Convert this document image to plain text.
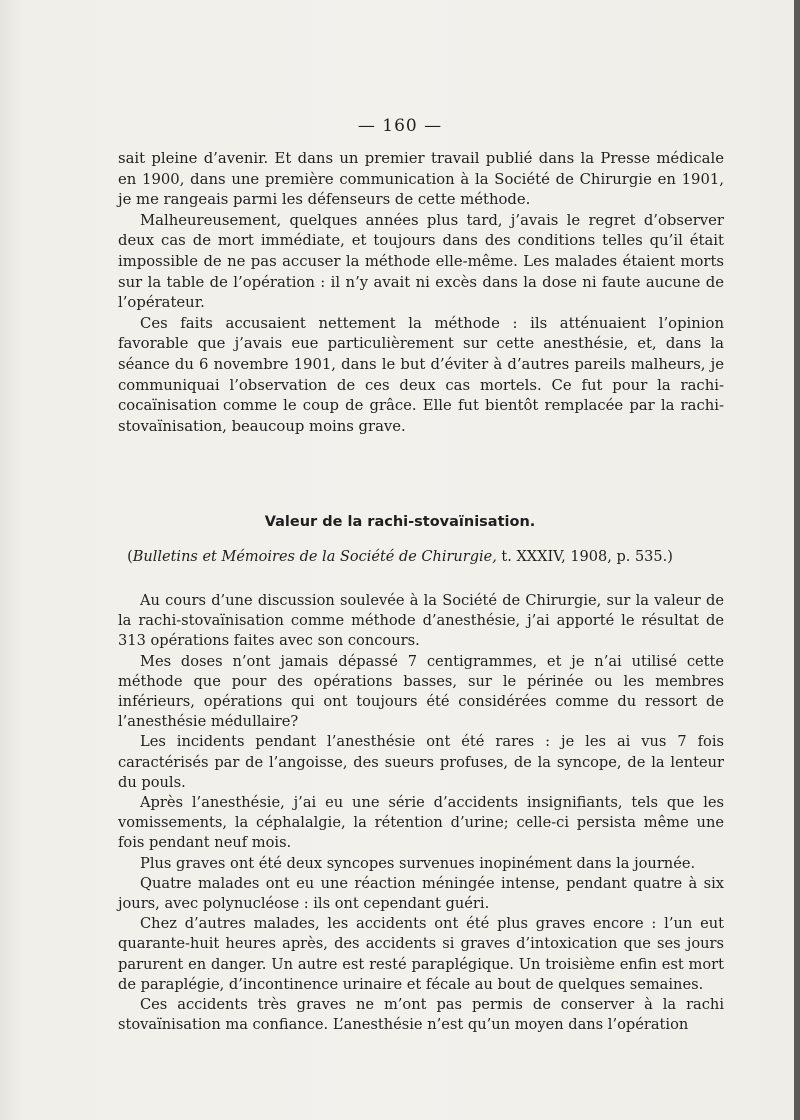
— 160 —

sait pleine d’avenir. Et dans un premier travail publié dans la Presse médicale en 1900, dans une première communication à la Société de Chirurgie en 1901, je me rangeais parmi les défenseurs de cette méthode.

Malheureusement, quelques années plus tard, j’avais le regret d’observer deux cas de mort immédiate, et toujours dans des conditions telles qu’il était impossible de ne pas accuser la méthode elle-même. Les malades étaient morts sur la table de l’opération : il n’y avait ni excès dans la dose ni faute aucune de l’opérateur.

Ces faits accusaient nettement la méthode : ils atténuaient l’opinion favorable que j’avais eue particulièrement sur cette anesthésie, et, dans la séance du 6 novembre 1901, dans le but d’éviter à d’autres pareils malheurs, je communiquai l’observation de ces deux cas mortels. Ce fut pour la rachi-cocaïnisation comme le coup de grâce. Elle fut bientôt remplacée par la rachi-stovaïnisation, beaucoup moins grave.

Valeur de la rachi-stovaïnisation.
(Bulletins et Mémoires de la Société de Chirurgie, t. XXXIV, 1908, p. 535.)

Au cours d’une discussion soulevée à la Société de Chirurgie, sur la valeur de la rachi-stovaïnisation comme méthode d’anesthésie, j’ai apporté le résultat de 313 opérations faites avec son concours.

Mes doses n’ont jamais dépassé 7 centigrammes, et je n’ai utilisé cette méthode que pour des opérations basses, sur le périnée ou les membres inférieurs, opérations qui ont toujours été considérées comme du ressort de l’anesthésie médullaire?

Les incidents pendant l’anesthésie ont été rares : je les ai vus 7 fois caractérisés par de l’angoisse, des sueurs profuses, de la syncope, de la lenteur du pouls.

Après l’anesthésie, j’ai eu une série d’accidents insignifiants, tels que les vomissements, la céphalalgie, la rétention d’urine; celle-ci persista même une fois pendant neuf mois.

Plus graves ont été deux syncopes survenues inopinément dans la journée.

Quatre malades ont eu une réaction méningée intense, pendant quatre à six jours, avec polynucléose : ils ont cependant guéri.

Chez d’autres malades, les accidents ont été plus graves encore : l’un eut quarante-huit heures après, des accidents si graves d’intoxication que ses jours parurent en danger. Un autre est resté paraplégique. Un troisième enfin est mort de paraplégie, d’incontinence urinaire et fécale au bout de quelques semaines.

Ces accidents très graves ne m’ont pas permis de conserver à la rachi stovaïnisation ma confiance. L’anesthésie n’est qu’un moyen dans l’opération
